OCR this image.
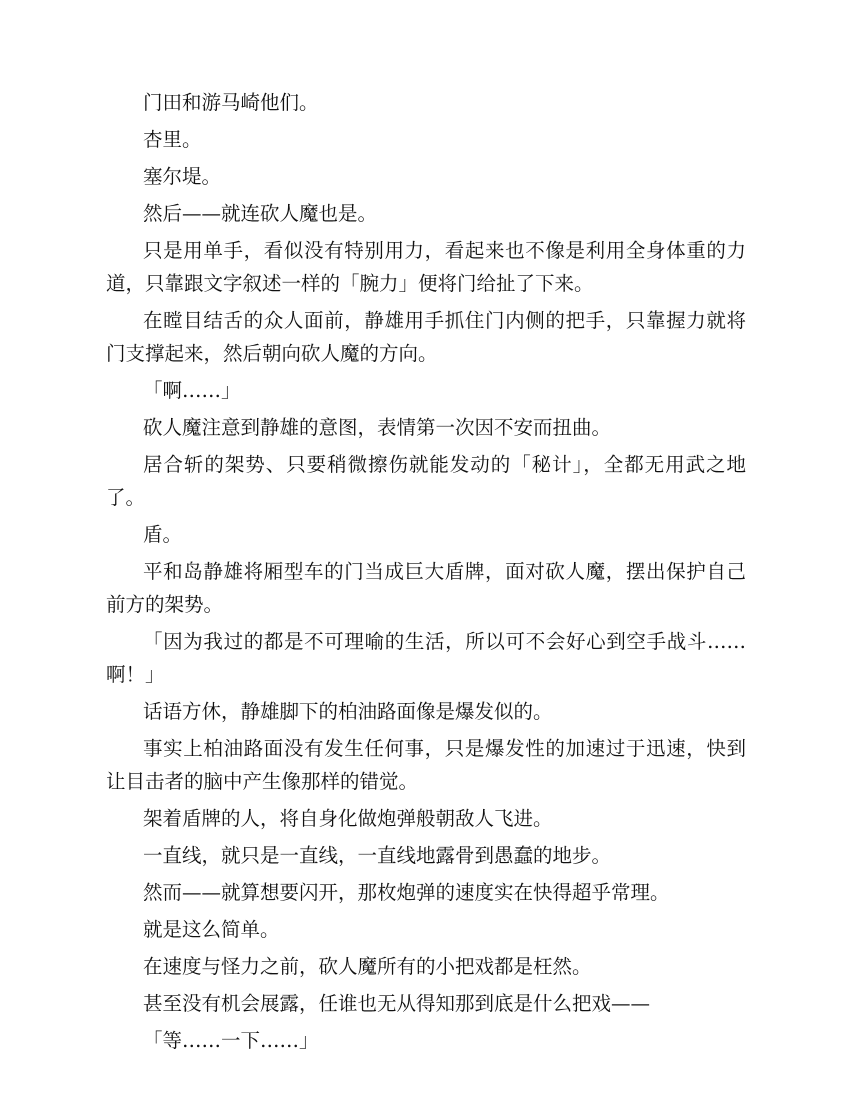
门田和游马崎他们。

杏里。

塞尔堤。

然后——就连砍人魔也是。

只是用单手，看似没有特别用力，看起来也不像是利用全身体重的力道，只靠跟文字叙述一样的「腕力」便将门给扯了下来。

在瞠目结舌的众人面前，静雄用手抓住门内侧的把手，只靠握力就将门支撑起来，然后朝向砍人魔的方向。

「啊……」

砍人魔注意到静雄的意图，表情第一次因不安而扭曲。

居合斩的架势、只要稍微擦伤就能发动的「秘计」，全都无用武之地了。

盾。

平和岛静雄将厢型车的门当成巨大盾牌，面对砍人魔，摆出保护自己前方的架势。

「因为我过的都是不可理喻的生活，所以可不会好心到空手战斗……啊！」

话语方休，静雄脚下的柏油路面像是爆发似的。

事实上柏油路面没有发生任何事，只是爆发性的加速过于迅速，快到让目击者的脑中产生像那样的错觉。

架着盾牌的人，将自身化做炮弹般朝敌人飞进。

一直线，就只是一直线，一直线地露骨到愚蠢的地步。

然而——就算想要闪开，那枚炮弹的速度实在快得超乎常理。

就是这么简单。

在速度与怪力之前，砍人魔所有的小把戏都是枉然。

甚至没有机会展露，任谁也无从得知那到底是什么把戏——

「等……一下……」
